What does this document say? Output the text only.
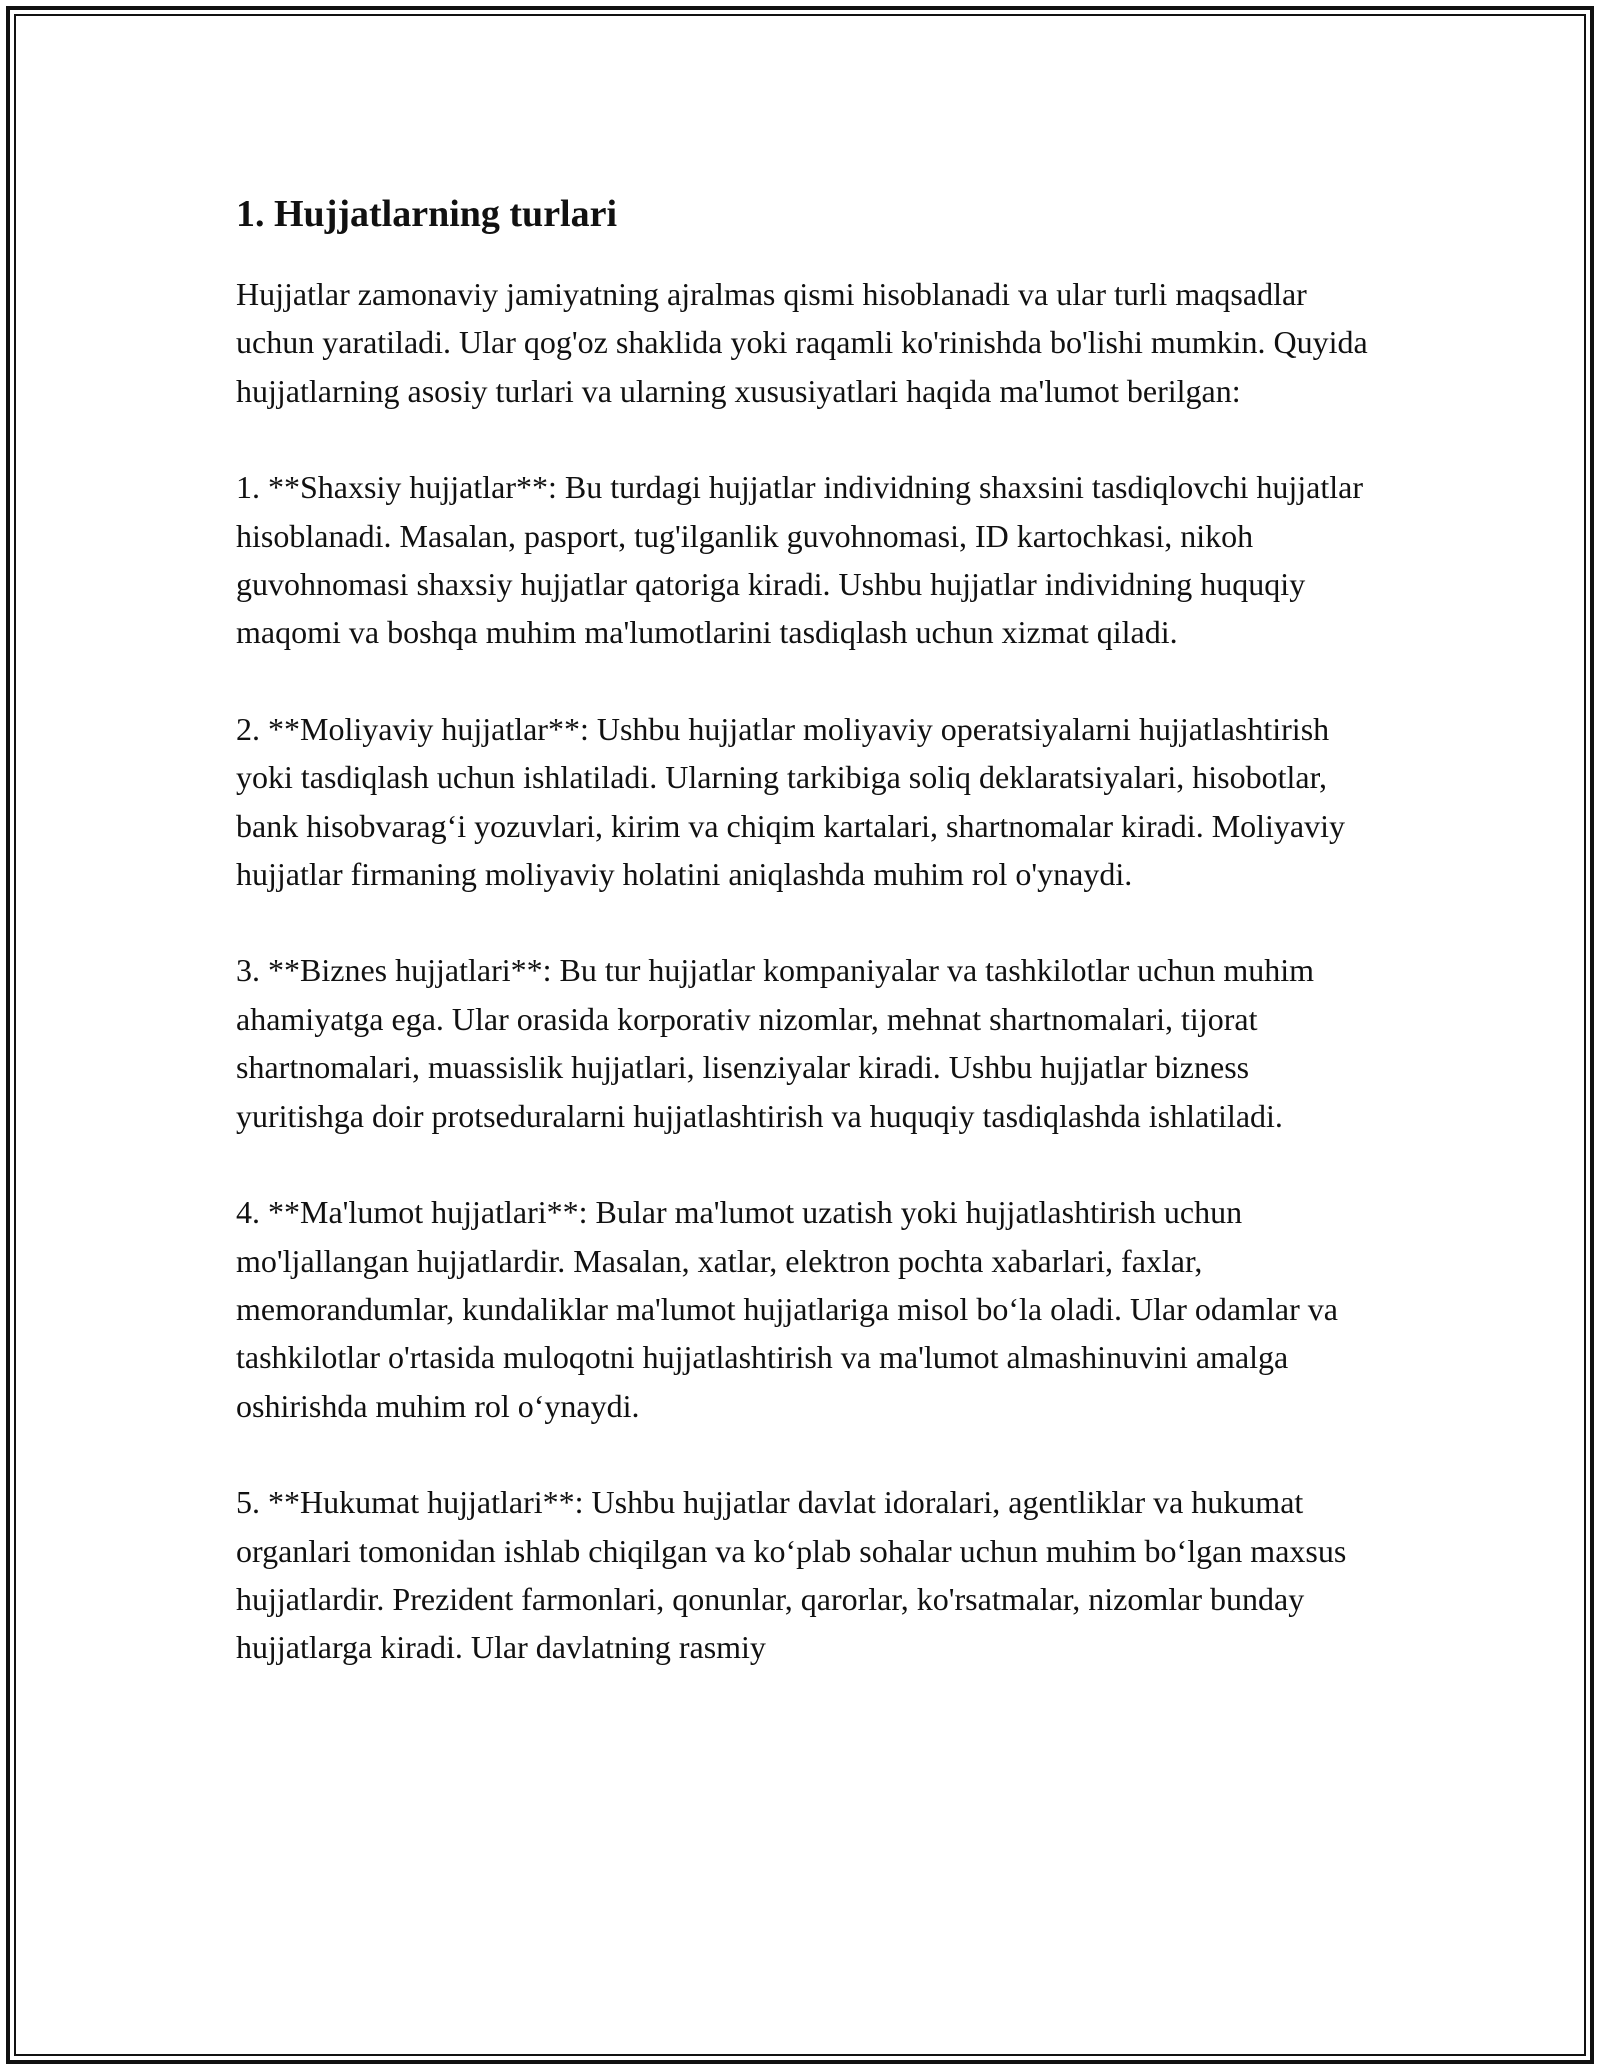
1. Hujjatlarning turlari

Hujjatlar zamonaviy jamiyatning ajralmas qismi hisoblanadi va ular turli maqsadlar uchun yaratiladi. Ular qog'oz shaklida yoki raqamli ko'rinishda bo'lishi mumkin. Quyida hujjatlarning asosiy turlari va ularning xususiyatlari haqida ma'lumot berilgan:

1. **Shaxsiy hujjatlar**: Bu turdagi hujjatlar individning shaxsini tasdiqlovchi hujjatlar hisoblanadi. Masalan, pasport, tug'ilganlik guvohnomasi, ID kartochkasi, nikoh guvohnomasi shaxsiy hujjatlar qatoriga kiradi. Ushbu hujjatlar individning huquqiy maqomi va boshqa muhim ma'lumotlarini tasdiqlash uchun xizmat qiladi.

2. **Moliyaviy hujjatlar**: Ushbu hujjatlar moliyaviy operatsiyalarni hujjatlashtirish yoki tasdiqlash uchun ishlatiladi. Ularning tarkibiga soliq deklaratsiyalari, hisobotlar, bank hisobvarag‘i yozuvlari, kirim va chiqim kartalari, shartnomalar kiradi. Moliyaviy hujjatlar firmaning moliyaviy holatini aniqlashda muhim rol o'ynaydi.

3. **Biznes hujjatlari**: Bu tur hujjatlar kompaniyalar va tashkilotlar uchun muhim ahamiyatga ega. Ular orasida korporativ nizomlar, mehnat shartnomalari, tijorat shartnomalari, muassislik hujjatlari, lisenziyalar kiradi. Ushbu hujjatlar bizness yuritishga doir protseduralarni hujjatlashtirish va huquqiy tasdiqlashda ishlatiladi.

4. **Ma'lumot hujjatlari**: Bular ma'lumot uzatish yoki hujjatlashtirish uchun mo'ljallangan hujjatlardir. Masalan, xatlar, elektron pochta xabarlari, faxlar, memorandumlar, kundaliklar ma'lumot hujjatlariga misol bo‘la oladi. Ular odamlar va tashkilotlar o'rtasida muloqotni hujjatlashtirish va ma'lumot almashinuvini amalga oshirishda muhim rol o‘ynaydi.

5. **Hukumat hujjatlari**: Ushbu hujjatlar davlat idoralari, agentliklar va hukumat organlari tomonidan ishlab chiqilgan va ko‘plab sohalar uchun muhim bo‘lgan maxsus hujjatlardir. Prezident farmonlari, qonunlar, qarorlar, ko'rsatmalar, nizomlar bunday hujjatlarga kiradi. Ular davlatning rasmiy
